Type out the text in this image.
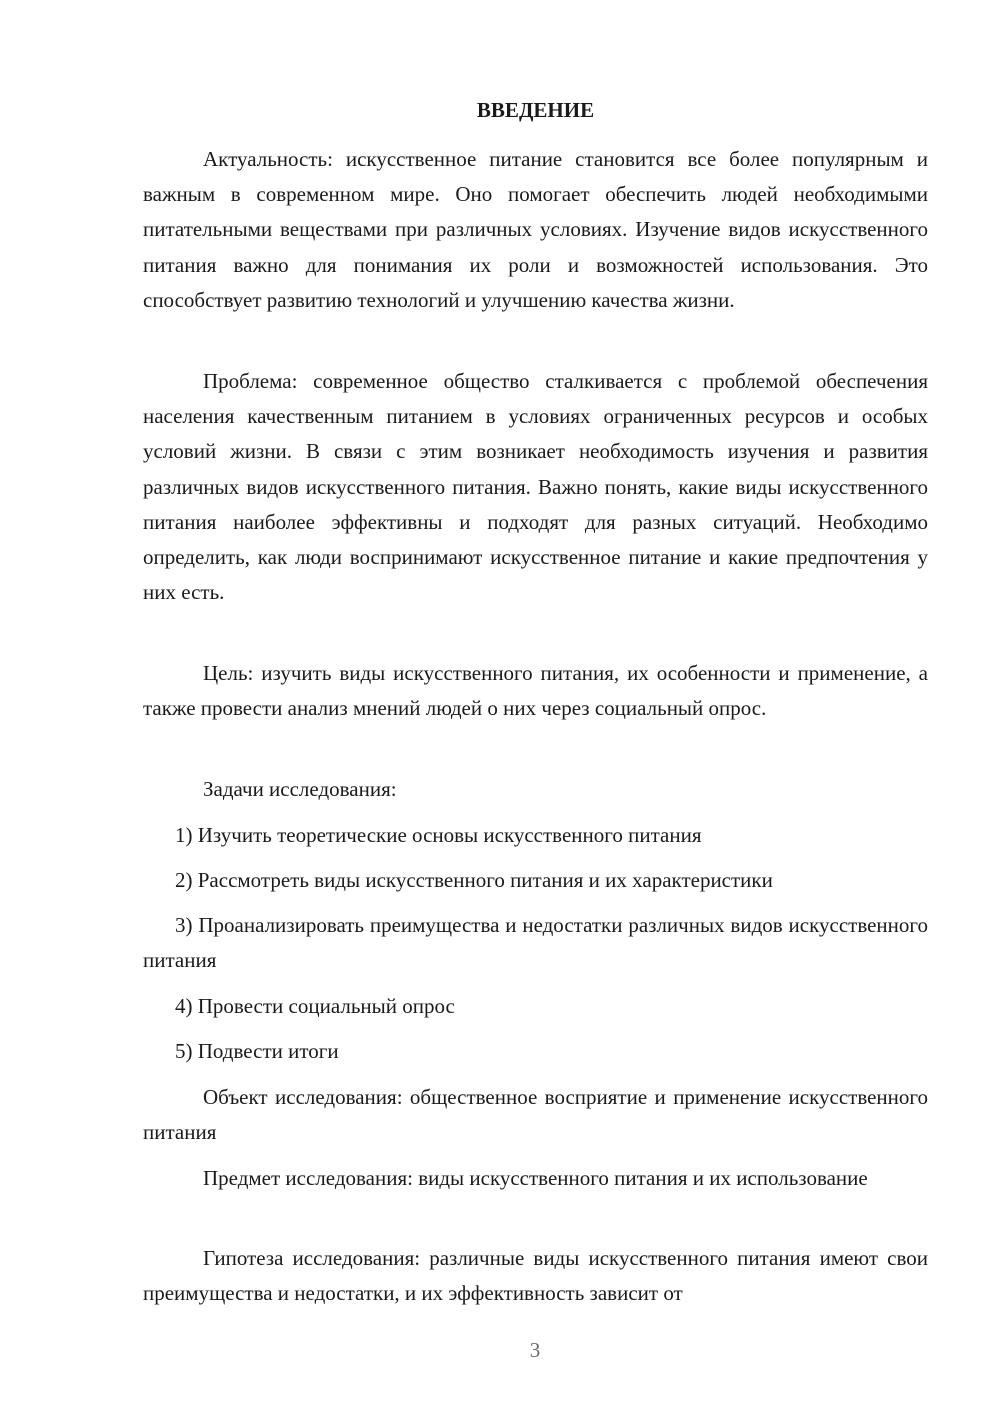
ВВЕДЕНИЕ

Актуальность: искусственное питание становится все более популярным и важным в современном мире. Оно помогает обеспечить людей необходимыми питательными веществами при различных условиях. Изучение видов искусственного питания важно для понимания их роли и возможностей использования. Это способствует развитию технологий и улучшению качества жизни.

Проблема: современное общество сталкивается с проблемой обеспечения населения качественным питанием в условиях ограниченных ресурсов и особых условий жизни. В связи с этим возникает необходимость изучения и развития различных видов искусственного питания. Важно понять, какие виды искусственного питания наиболее эффективны и подходят для разных ситуаций. Необходимо определить, как люди воспринимают искусственное питание и какие предпочтения у них есть.

Цель: изучить виды искусственного питания, их особенности и применение, а также провести анализ мнений людей о них через социальный опрос.

Задачи исследования:

1) Изучить теоретические основы искусственного питания

2) Рассмотреть виды искусственного питания и их характеристики

3) Проанализировать преимущества и недостатки различных видов искусственного питания

4) Провести социальный опрос

5) Подвести итоги

Объект исследования: общественное восприятие и применение искусственного питания

Предмет исследования: виды искусственного питания и их использование

Гипотеза исследования: различные виды искусственного питания имеют свои преимущества и недостатки, и их эффективность зависит от

3
